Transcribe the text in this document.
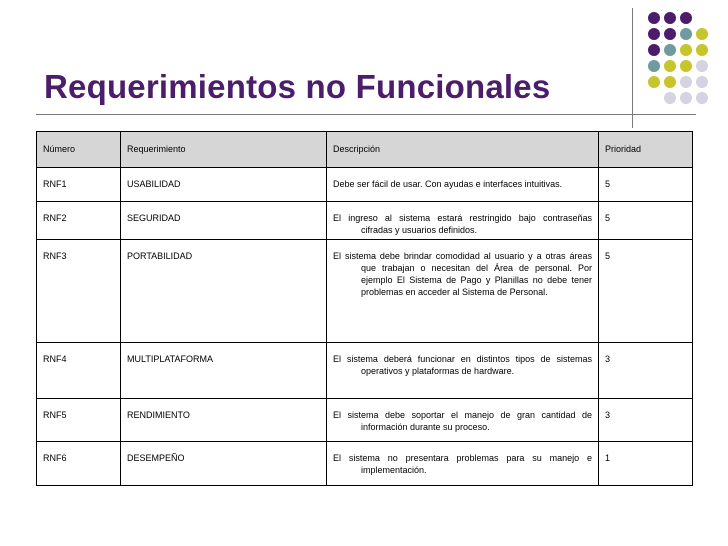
Requerimientos no Funcionales
Número	Requerimiento	Descripción	Prioridad
RNF1	USABILIDAD	Debe ser fácil de usar. Con ayudas e interfaces intuitivas.	5
RNF2	SEGURIDAD	El ingreso al sistema estará restringido bajo contraseñas cifradas y usuarios definidos.	5
RNF3	PORTABILIDAD	El sistema debe brindar comodidad al usuario y a otras áreas que trabajan o necesitan del Área de personal. Por ejemplo El Sistema de Pago y Planillas no debe tener problemas en acceder al Sistema de Personal.	5
RNF4	MULTIPLATAFORMA	El sistema deberá funcionar en distintos tipos de sistemas operativos y plataformas de hardware.	3
RNF5	RENDIMIENTO	El sistema debe soportar el manejo de gran cantidad de información durante su proceso.	3
RNF6	DESEMPEÑO	El sistema no presentara problemas para su manejo e implementación.	1
